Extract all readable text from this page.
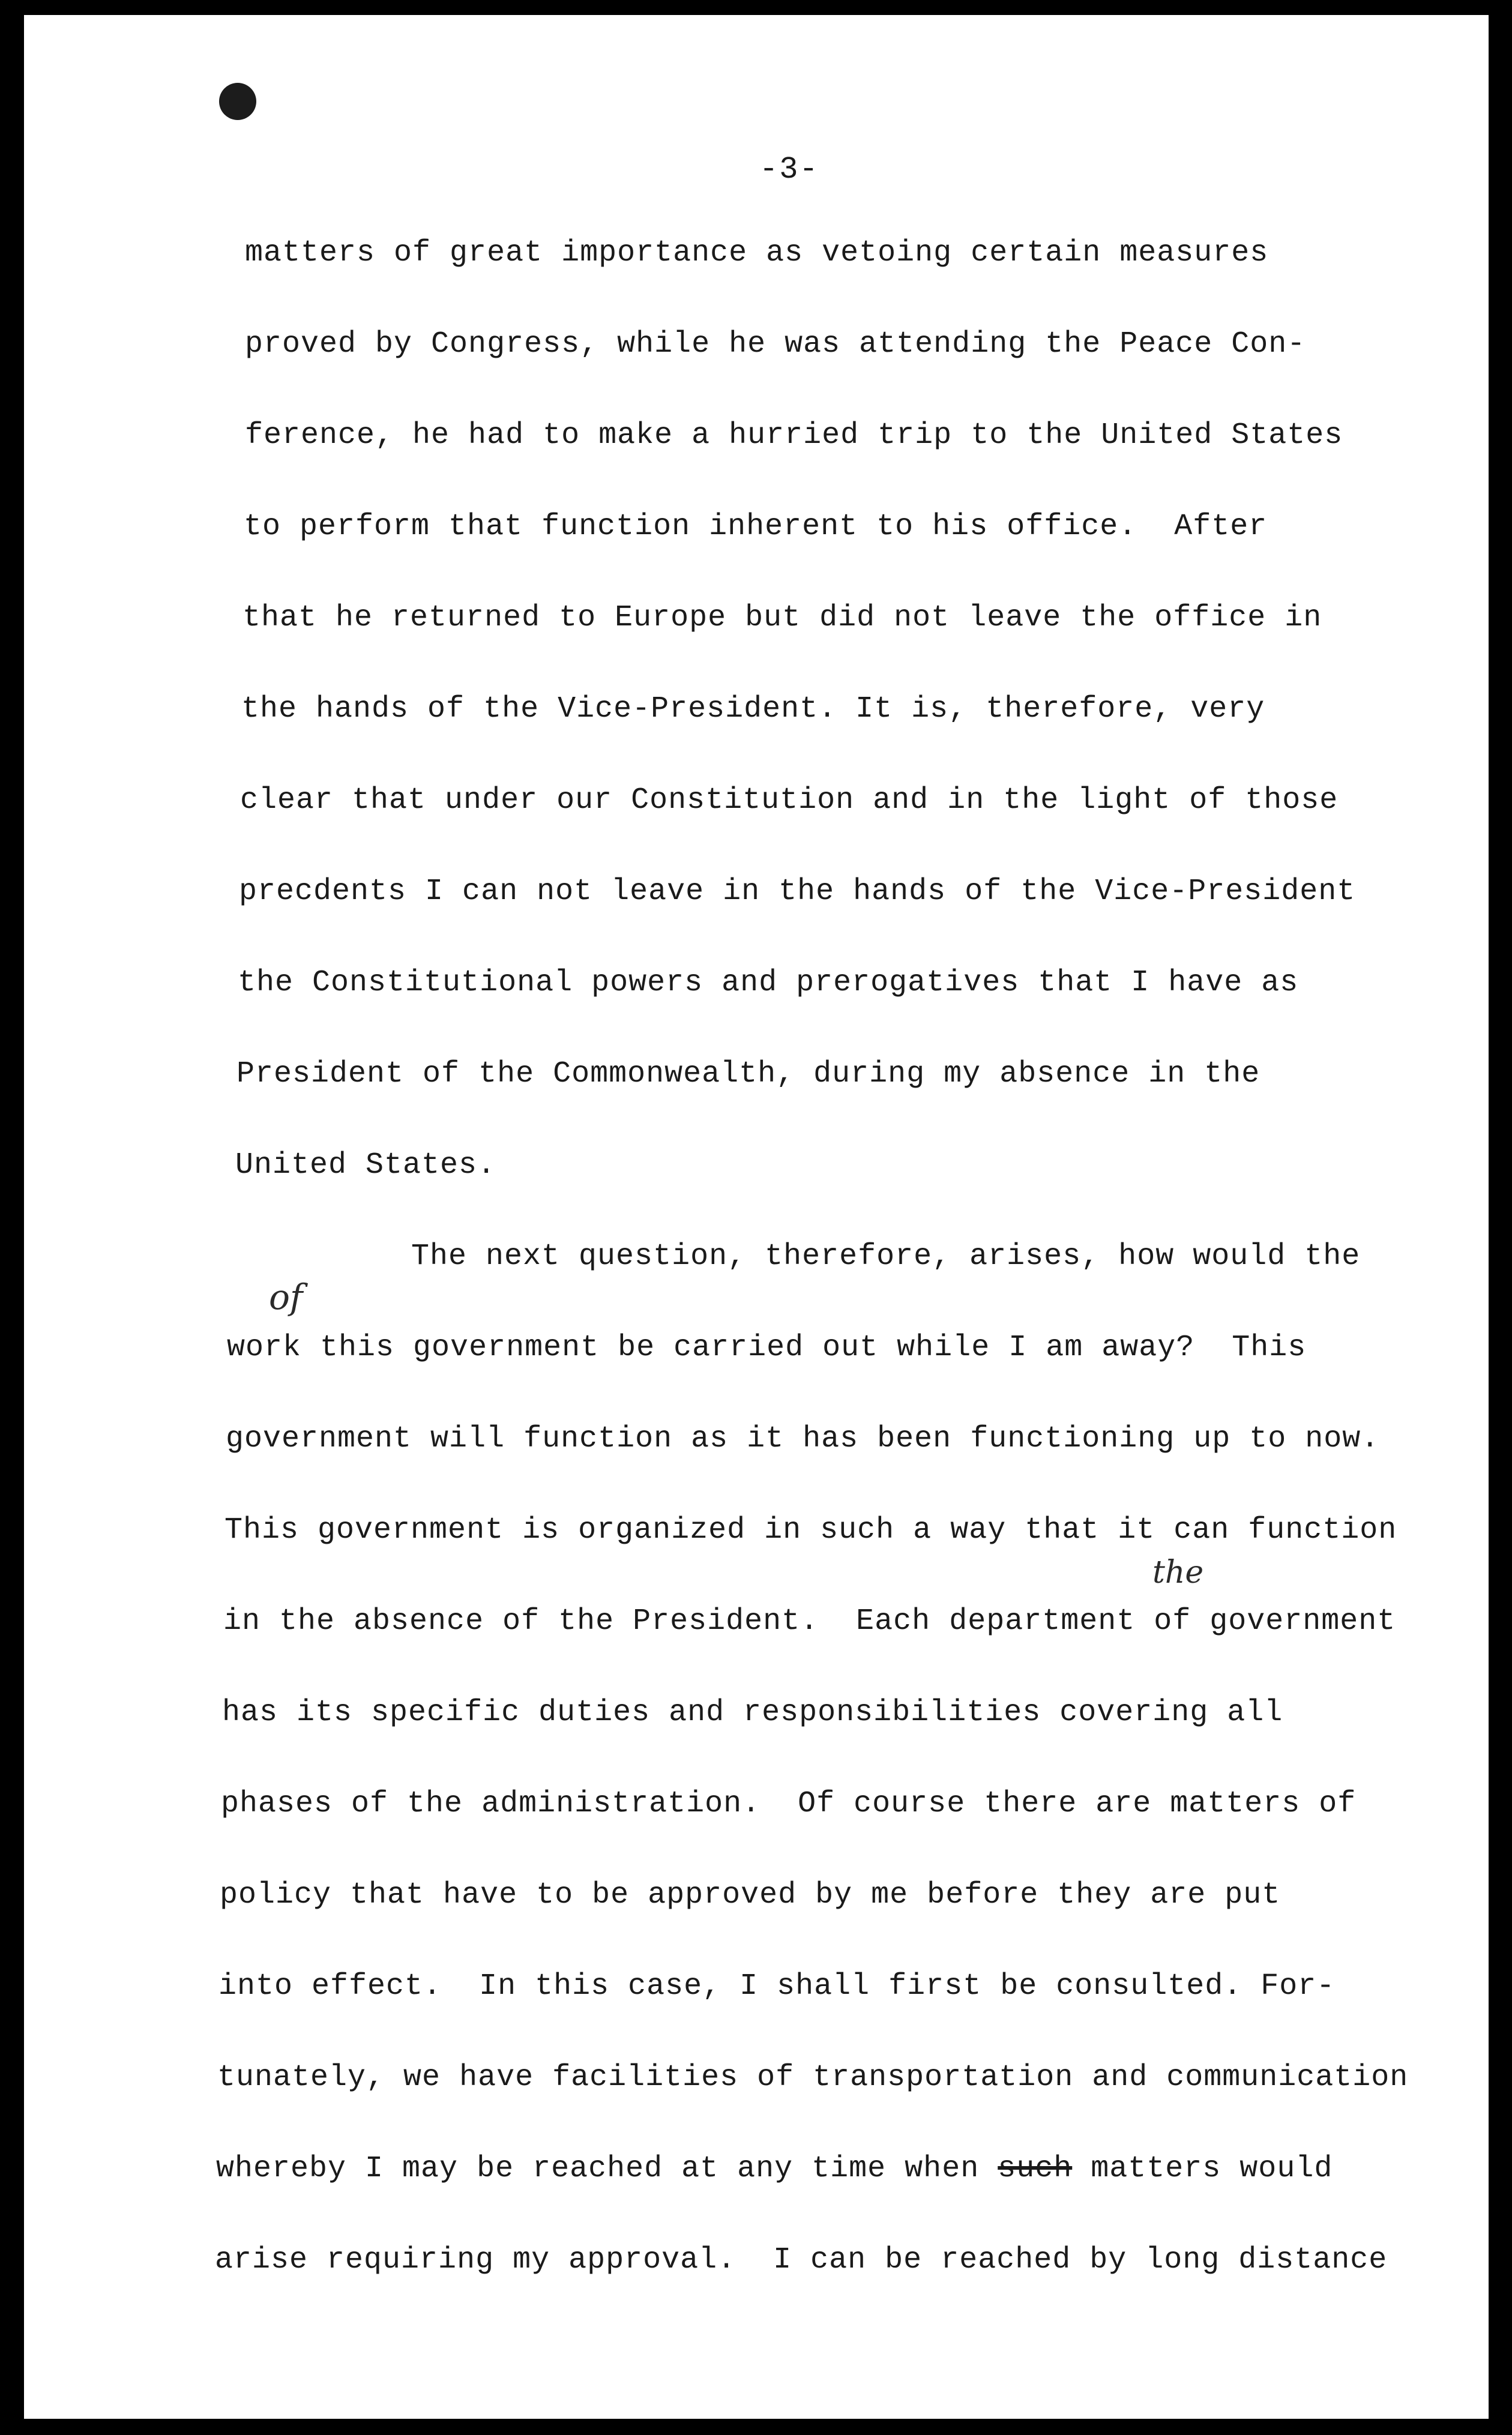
-3-
matters of great importance as vetoing certain measures
proved by Congress, while he was attending the Peace Con-
ference, he had to make a hurried trip to the United States
to perform that function inherent to his office.  After
that he returned to Europe but did not leave the office in
the hands of the Vice-President. It is, therefore, very
clear that under our Constitution and in the light of those
precdents I can not leave in the hands of the Vice-President
the Constitutional powers and prerogatives that I have as
President of the Commonwealth, during my absence in the
United States.
The next question, therefore, arises, how would the
of
work this government be carried out while I am away?  This
government will function as it has been functioning up to now.
This government is organized in such a way that it can function
the
in the absence of the President.  Each department of government
has its specific duties and responsibilities covering all
phases of the administration.  Of course there are matters of
policy that have to be approved by me before they are put
into effect.  In this case, I shall first be consulted. For-
tunately, we have facilities of transportation and communication
whereby I may be reached at any time when such matters would
arise requiring my approval.  I can be reached by long distance
